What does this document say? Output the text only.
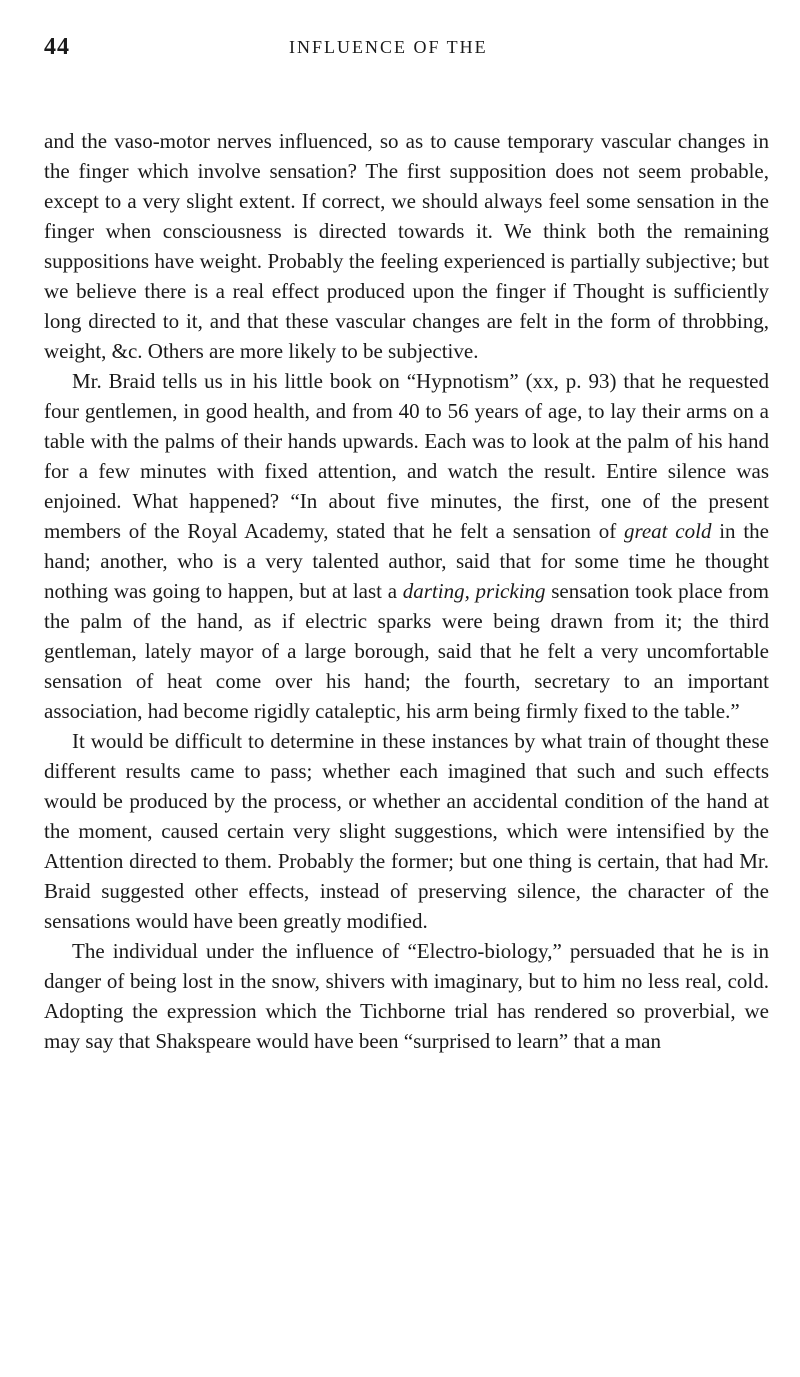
44	INFLUENCE OF THE

and the vaso-motor nerves influenced, so as to cause temporary vascular changes in the finger which involve sensation? The first supposition does not seem probable, except to a very slight extent. If correct, we should always feel some sensation in the finger when consciousness is directed towards it. We think both the remaining suppositions have weight. Probably the feeling experienced is partially subjective; but we believe there is a real effect produced upon the finger if Thought is sufficiently long directed to it, and that these vascular changes are felt in the form of throbbing, weight, &c. Others are more likely to be subjective.

Mr. Braid tells us in his little book on “Hypnotism” (xx, p. 93) that he requested four gentlemen, in good health, and from 40 to 56 years of age, to lay their arms on a table with the palms of their hands upwards. Each was to look at the palm of his hand for a few minutes with fixed attention, and watch the result. Entire silence was enjoined. What happened? “In about five minutes, the first, one of the present members of the Royal Academy, stated that he felt a sensation of great cold in the hand; another, who is a very talented author, said that for some time he thought nothing was going to happen, but at last a darting, pricking sensation took place from the palm of the hand, as if electric sparks were being drawn from it; the third gentleman, lately mayor of a large borough, said that he felt a very uncomfortable sensation of heat come over his hand; the fourth, secretary to an important association, had become rigidly cataleptic, his arm being firmly fixed to the table.”

It would be difficult to determine in these instances by what train of thought these different results came to pass; whether each imagined that such and such effects would be produced by the process, or whether an accidental condition of the hand at the moment, caused certain very slight suggestions, which were intensified by the Attention directed to them. Probably the former; but one thing is certain, that had Mr. Braid suggested other effects, instead of preserving silence, the character of the sensations would have been greatly modified.

The individual under the influence of “Electro-biology,” persuaded that he is in danger of being lost in the snow, shivers with imaginary, but to him no less real, cold. Adopting the expression which the Tichborne trial has rendered so proverbial, we may say that Shakspeare would have been “surprised to learn” that a man
